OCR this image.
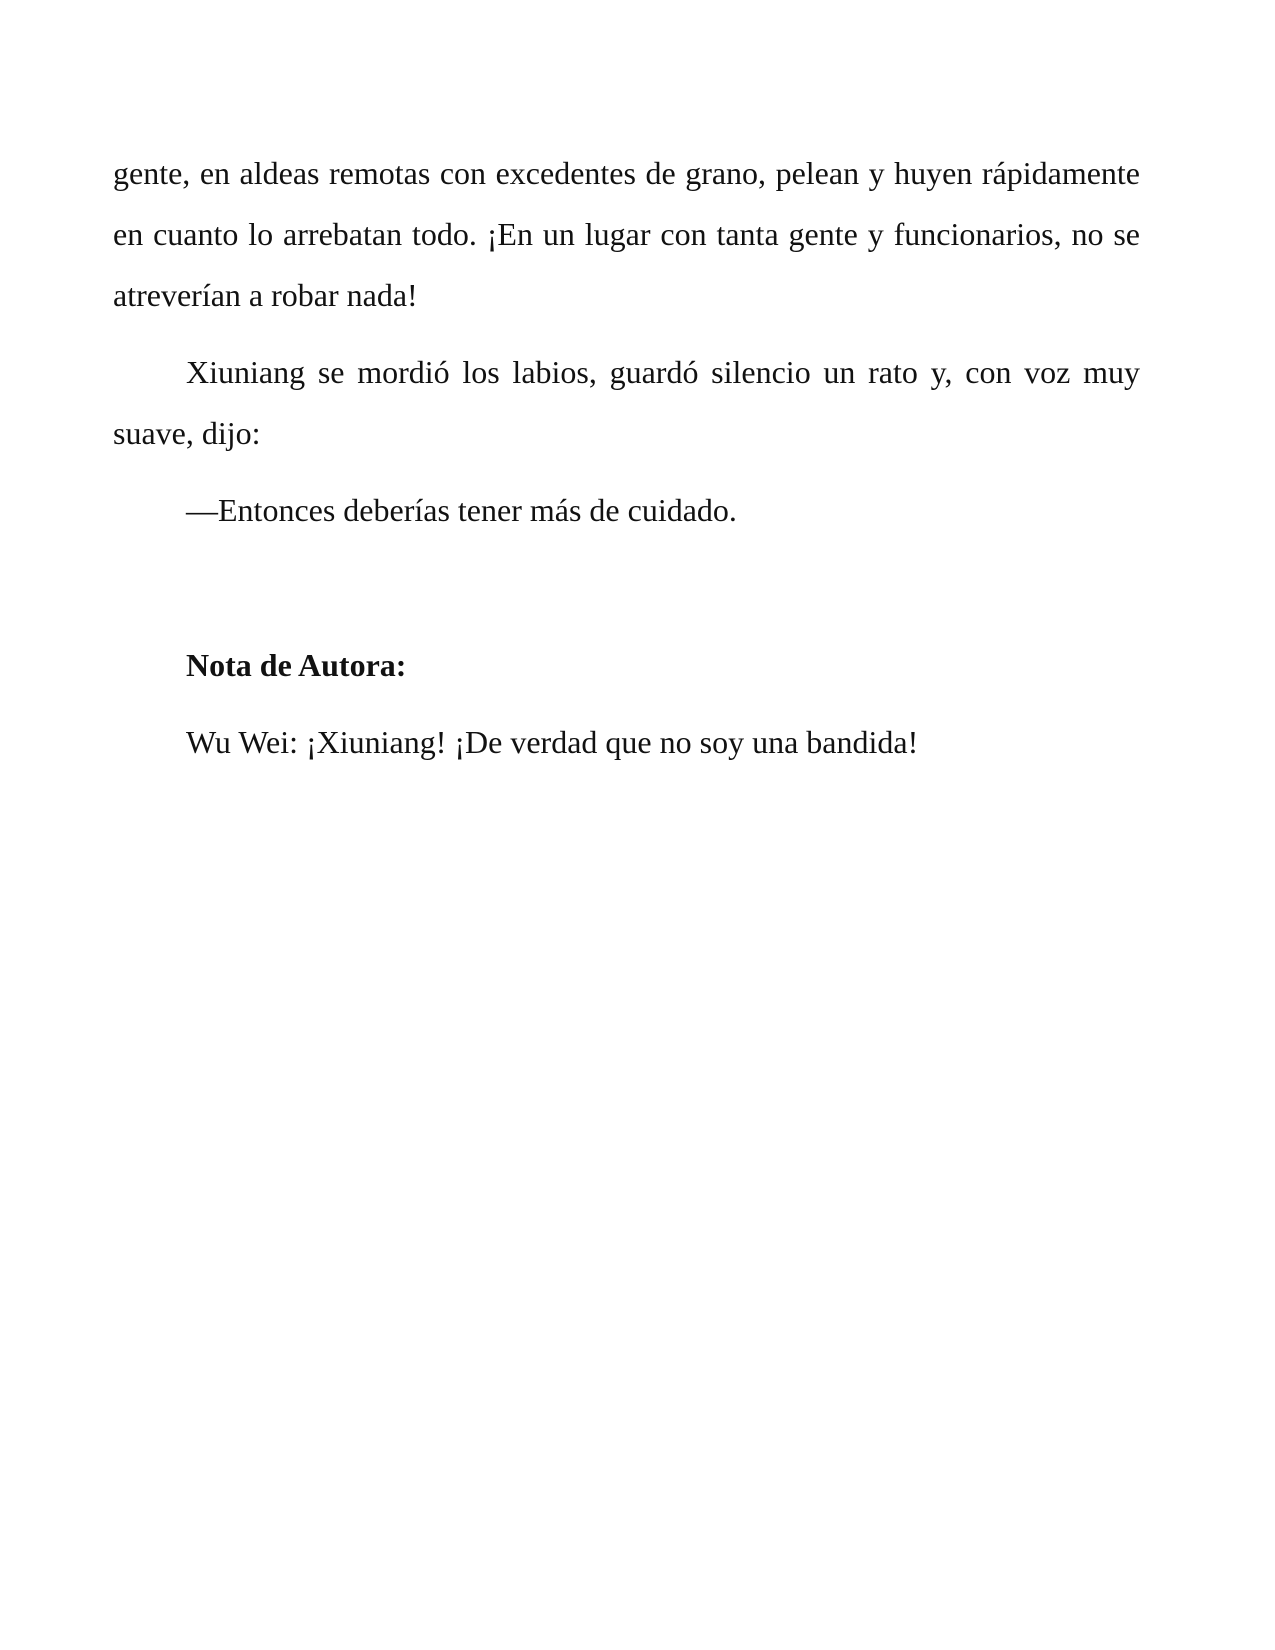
gente, en aldeas remotas con excedentes de grano, pelean y huyen rápidamente en cuanto lo arrebatan todo. ¡En un lugar con tanta gente y funcionarios, no se atreverían a robar nada!

Xiuniang se mordió los labios, guardó silencio un rato y, con voz muy suave, dijo:

—Entonces deberías tener más de cuidado.

Nota de Autora:

Wu Wei: ¡Xiuniang! ¡De verdad que no soy una bandida!
